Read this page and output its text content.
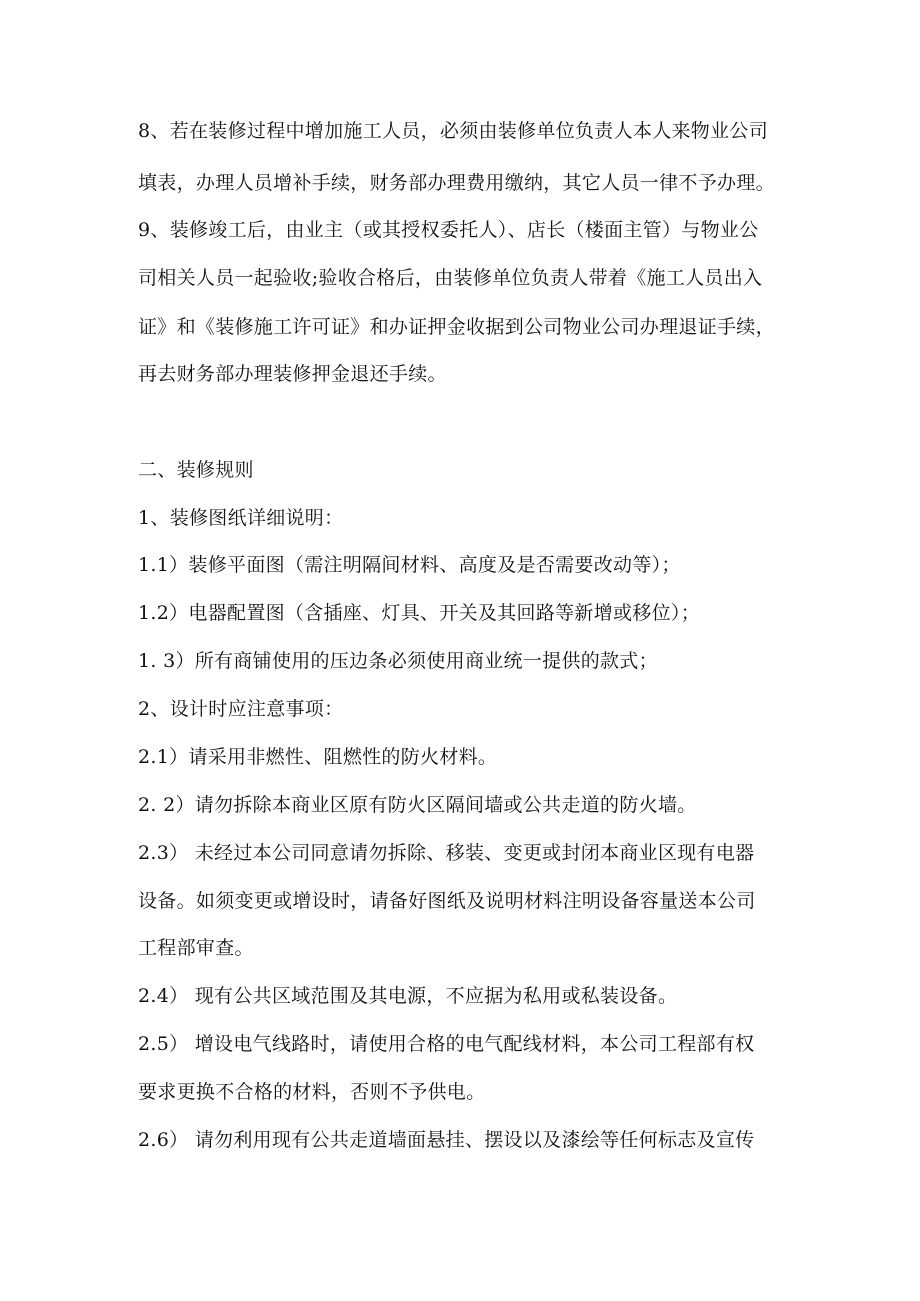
8、若在装修过程中增加施工人员，必须由装修单位负责人本人来物业公司
填表，办理人员增补手续，财务部办理费用缴纳，其它人员一律不予办理。
9、装修竣工后，由业主（或其授权委托人）、店长（楼面主管）与物业公
司相关人员一起验收;验收合格后，由装修单位负责人带着《施工人员出入
证》和《装修施工许可证》和办证押金收据到公司物业公司办理退证手续，
再去财务部办理装修押金退还手续。
二、装修规则
1、装修图纸详细说明：
1.1）装修平面图（需注明隔间材料、高度及是否需要改动等）；
1.2）电器配置图（含插座、灯具、开关及其回路等新增或移位）；
1. 3）所有商铺使用的压边条必须使用商业统一提供的款式；
2、设计时应注意事项：
2.1）请采用非燃性、阻燃性的防火材料。
2. 2）请勿拆除本商业区原有防火区隔间墙或公共走道的防火墙。
2.3） 未经过本公司同意请勿拆除、移装、变更或封闭本商业区现有电器
设备。如须变更或增设时，请备好图纸及说明材料注明设备容量送本公司
工程部审查。
2.4） 现有公共区域范围及其电源，不应据为私用或私装设备。
2.5） 增设电气线路时，请使用合格的电气配线材料，本公司工程部有权
要求更换不合格的材料，否则不予供电。
2.6） 请勿利用现有公共走道墙面悬挂、摆设以及漆绘等任何标志及宣传
